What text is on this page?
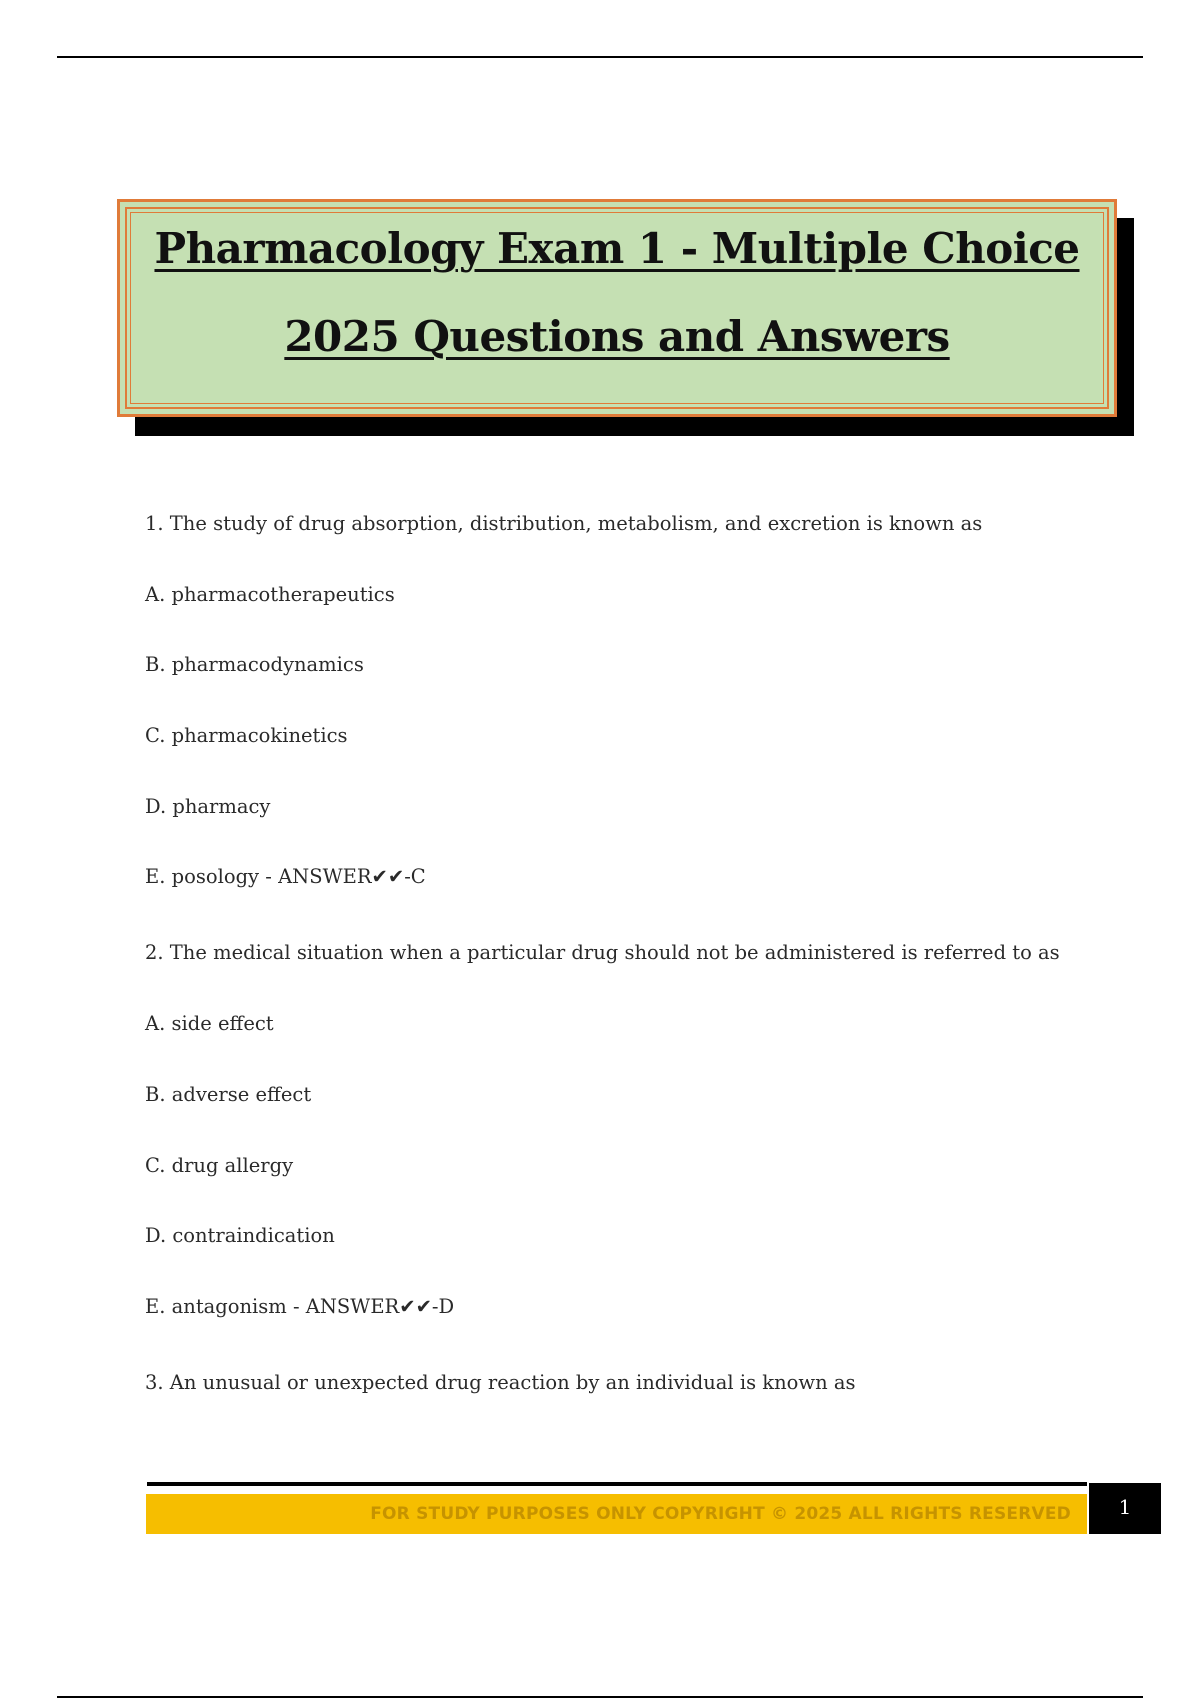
Pharmacology Exam 1 - Multiple Choice
2025 Questions and Answers
1. The study of drug absorption, distribution, metabolism, and excretion is known as
A. pharmacotherapeutics
B. pharmacodynamics
C. pharmacokinetics
D. pharmacy
E. posology - ANSWER✔✔-C
2. The medical situation when a particular drug should not be administered is referred to as
A. side effect
B. adverse effect
C. drug allergy
D. contraindication
E. antagonism - ANSWER✔✔-D
3. An unusual or unexpected drug reaction by an individual is known as
FOR STUDY PURPOSES ONLY COPYRIGHT © 2025 ALL RIGHTS RESERVED	1
